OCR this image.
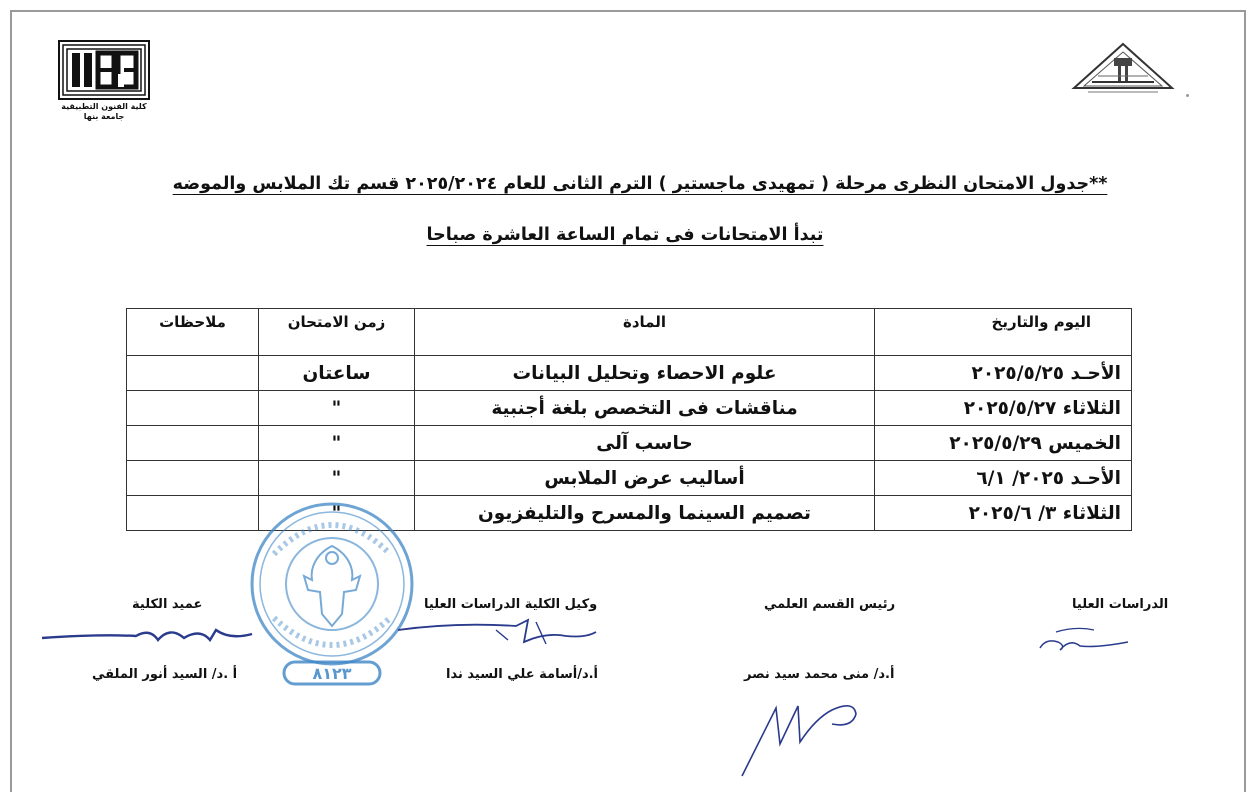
كلية الفنون التطبيقية
جامعة بنها
**جدول الامتحان النظرى مرحلة ( تمهيدى ماجستير ) الترم الثانى للعام ٢٠٢٥/٢٠٢٤ قسم تك الملابس والموضه
تبدأ الامتحانات فى تمام الساعة العاشرة صباحا
اليوم والتاريخ	المادة	زمن الامتحان	ملاحظات
الأحـد ٢٠٢٥/٥/٢٥	علوم الاحصاء وتحليل البيانات	ساعتان	
الثلاثاء ٢٠٢٥/٥/٢٧	مناقشات فى التخصص بلغة أجنبية	"	
الخميس ٢٠٢٥/٥/٢٩	حاسب آلى	"	
الأحـد ٢٠٢٥/ ٦/١	أساليب عرض الملابس	"	
الثلاثاء ٣/ ٢٠٢٥/٦	تصميم السينما والمسرح والتليفزيون	"	
٨١٢٣
الدراسات العليا
رئيس القسم العلمي
أ.د/ منى محمد سيد نصر
وكيل الكلية الدراسات العليا
أ.د/أسامة علي السيد ندا
عميد الكلية
أ .د/ السيد أنور الملقي
